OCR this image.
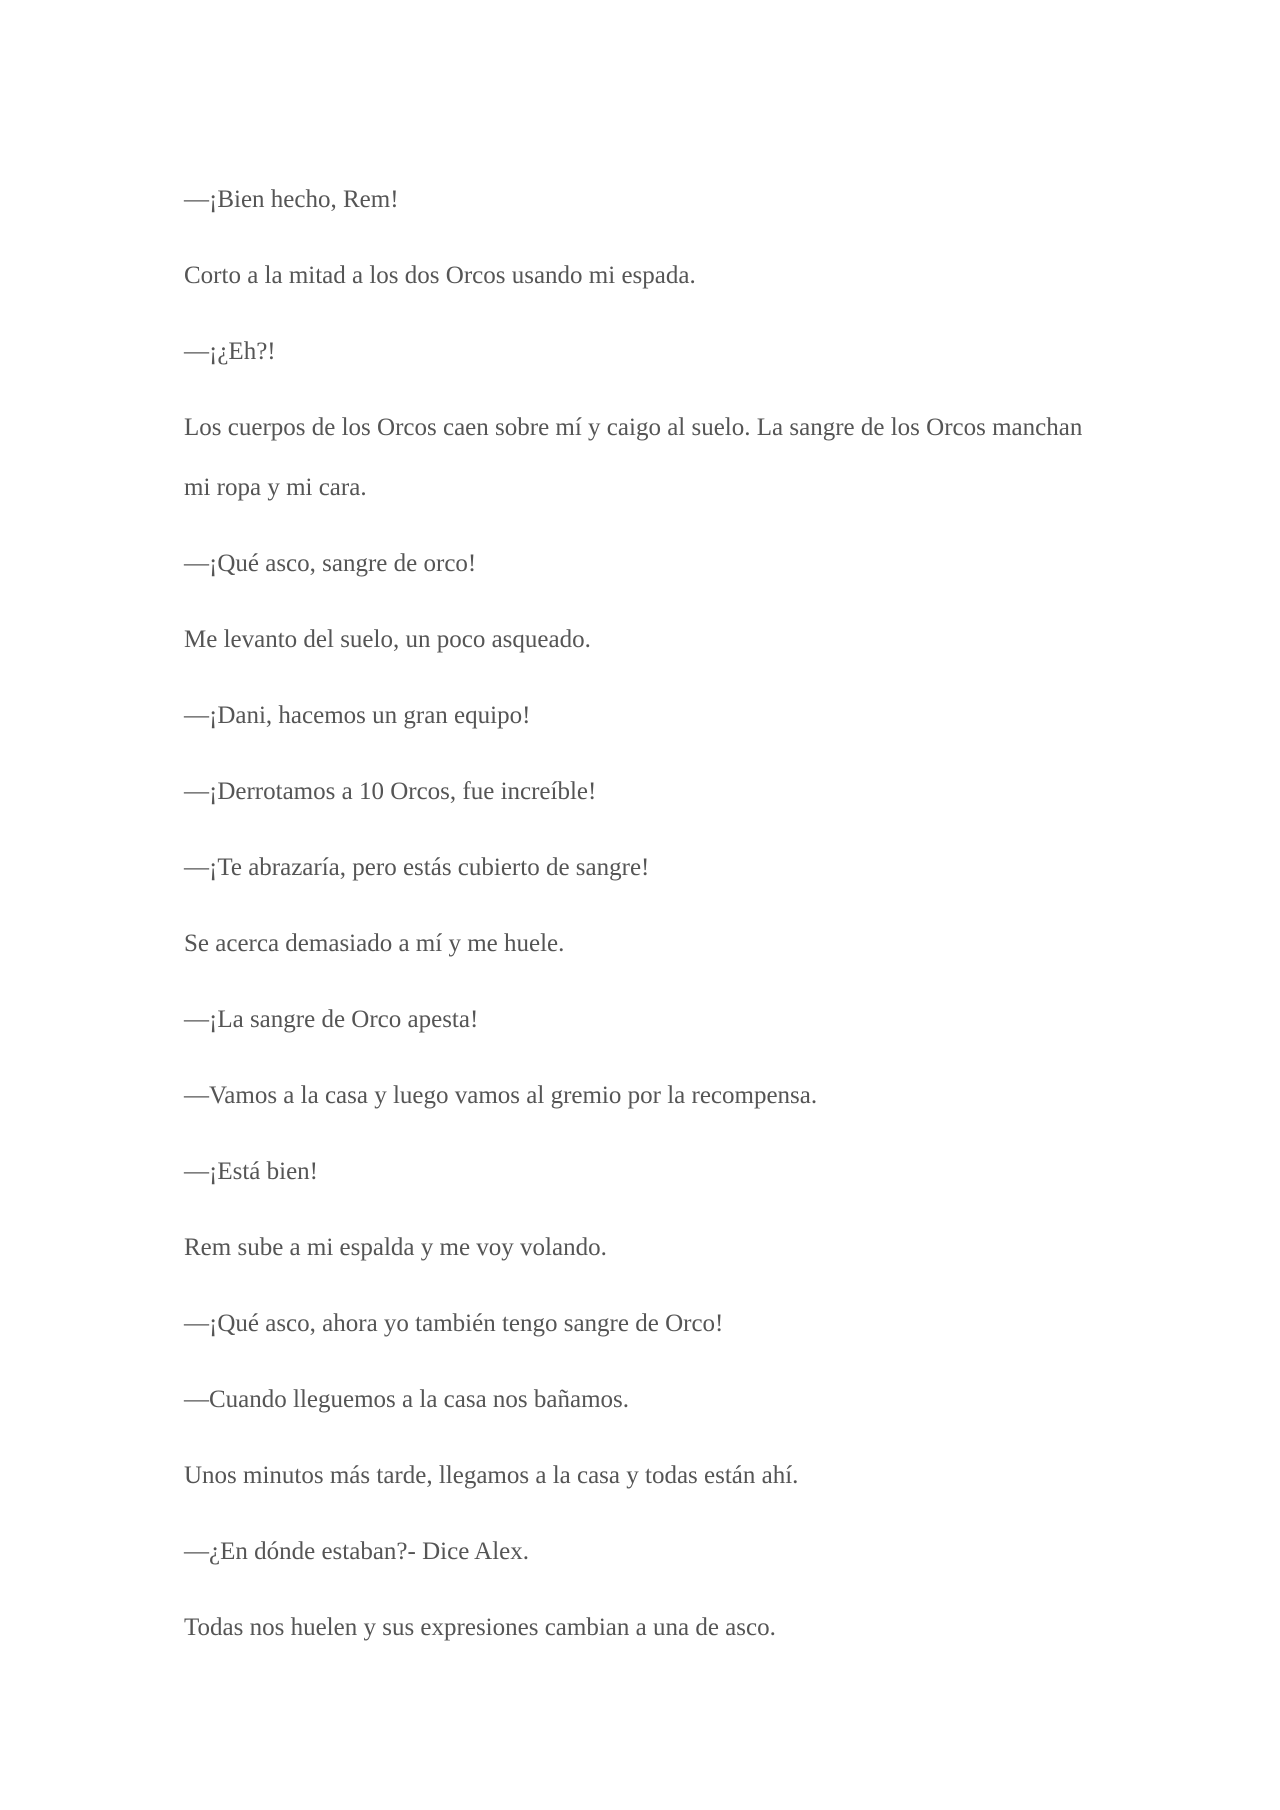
—¡Bien hecho, Rem!

Corto a la mitad a los dos Orcos usando mi espada.

—¡¿Eh?!

Los cuerpos de los Orcos caen sobre mí y caigo al suelo. La sangre de los Orcos manchan mi ropa y mi cara.

—¡Qué asco, sangre de orco!

Me levanto del suelo, un poco asqueado.

—¡Dani, hacemos un gran equipo!

—¡Derrotamos a 10 Orcos, fue increíble!

—¡Te abrazaría, pero estás cubierto de sangre!

Se acerca demasiado a mí y me huele.

—¡La sangre de Orco apesta!

—Vamos a la casa y luego vamos al gremio por la recompensa.

—¡Está bien!

Rem sube a mi espalda y me voy volando.

—¡Qué asco, ahora yo también tengo sangre de Orco!

—Cuando lleguemos a la casa nos bañamos.

Unos minutos más tarde, llegamos a la casa y todas están ahí.

—¿En dónde estaban?- Dice Alex.

Todas nos huelen y sus expresiones cambian a una de asco.
